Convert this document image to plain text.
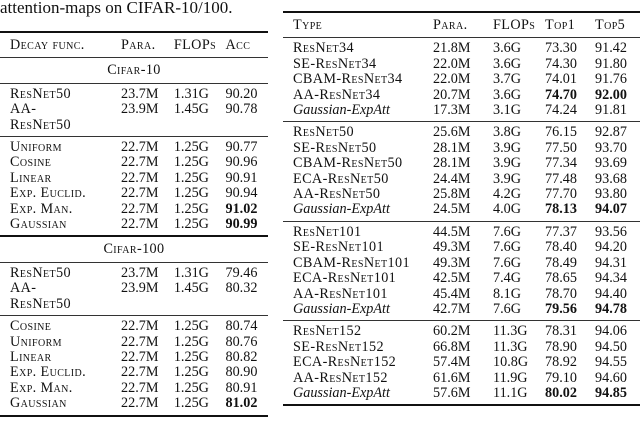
attention-maps on CIFAR-10/100.
Decay func.	Para.	FLOPs	Acc
Cifar-10			
ResNet50	23.7M	1.31G	90.20
AA-	23.9M	1.45G	90.78
ResNet50			
Uniform	22.7M	1.25G	90.77
Cosine	22.7M	1.25G	90.96
Linear	22.7M	1.25G	90.91
Exp. Euclid.	22.7M	1.25G	90.94
Exp. Man.	22.7M	1.25G	91.02
Gaussian	22.7M	1.25G	90.99
Cifar-100			
ResNet50	23.7M	1.31G	79.46
AA-	23.9M	1.45G	80.32
ResNet50			
Cosine	22.7M	1.25G	80.74
Uniform	22.7M	1.25G	80.76
Linear	22.7M	1.25G	80.82
Exp. Euclid.	22.7M	1.25G	80.90
Exp. Man.	22.7M	1.25G	80.91
Gaussian	22.7M	1.25G	81.02
Type	Para.	FLOPs	Top1	Top5
ResNet34	21.8M	3.6G	73.30	91.42
SE-ResNet34	22.0M	3.6G	74.30	91.80
CBAM-ResNet34	22.0M	3.7G	74.01	91.76
AA-ResNet34	20.7M	3.6G	74.70	92.00
Gaussian-ExpAtt	17.3M	3.1G	74.24	91.81
ResNet50	25.6M	3.8G	76.15	92.87
SE-ResNet50	28.1M	3.9G	77.50	93.70
CBAM-ResNet50	28.1M	3.9G	77.34	93.69
ECA-ResNet50	24.4M	3.9G	77.48	93.68
AA-ResNet50	25.8M	4.2G	77.70	93.80
Gaussian-ExpAtt	24.5M	4.0G	78.13	94.07
ResNet101	44.5M	7.6G	77.37	93.56
SE-ResNet101	49.3M	7.6G	78.40	94.20
CBAM-ResNet101	49.3M	7.6G	78.49	94.31
ECA-ResNet101	42.5M	7.4G	78.65	94.34
AA-ResNet101	45.4M	8.1G	78.70	94.40
Gaussian-ExpAtt	42.7M	7.6G	79.56	94.78
ResNet152	60.2M	11.3G	78.31	94.06
SE-ResNet152	66.8M	11.3G	78.90	94.50
ECA-ResNet152	57.4M	10.8G	78.92	94.55
AA-ResNet152	61.6M	11.9G	79.10	94.60
Gaussian-ExpAtt	57.6M	11.1G	80.02	94.85
